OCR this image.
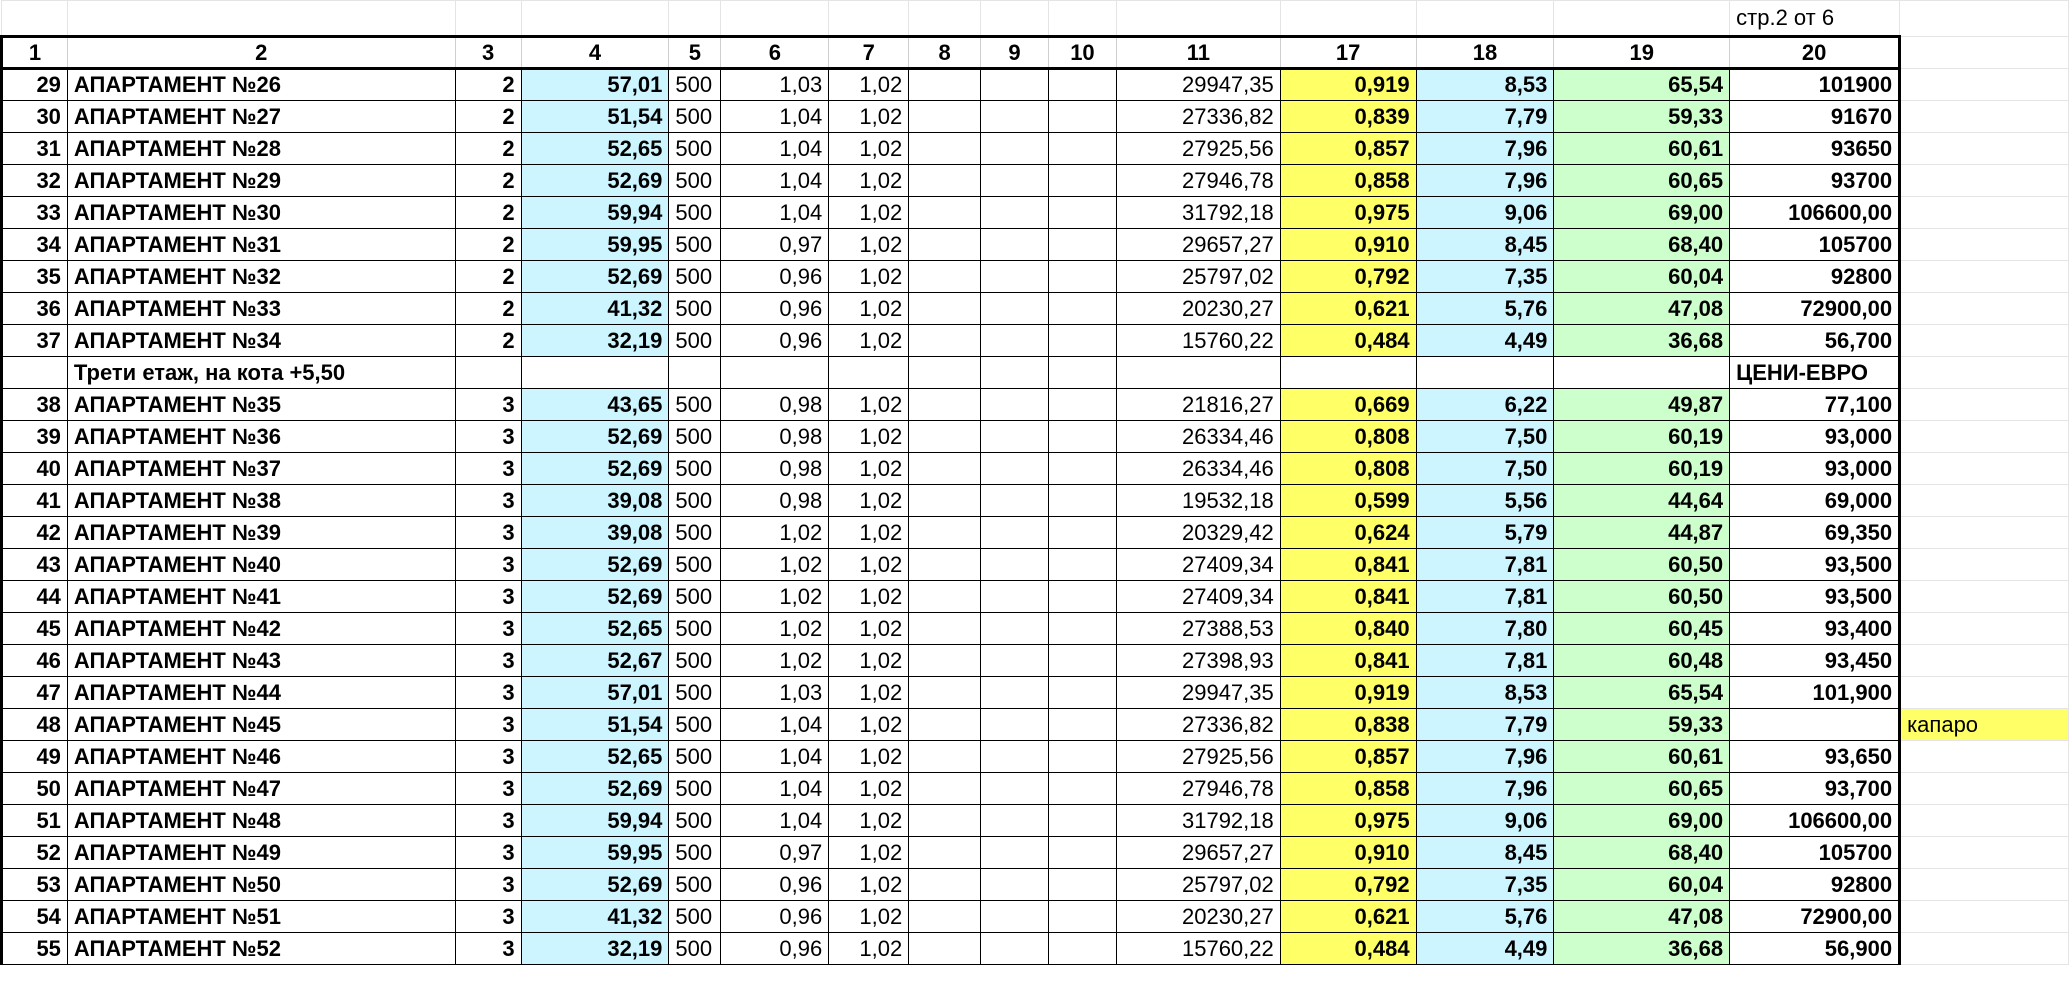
														стр.2 от 6	
1	2	3	4	5	6	7	8	9	10	11	17	18	19	20	
29	АПАРТАМЕНТ №26	2	57,01	500	1,03	1,02				29947,35	0,919	8,53	65,54	101900	
30	АПАРТАМЕНТ №27	2	51,54	500	1,04	1,02				27336,82	0,839	7,79	59,33	91670	
31	АПАРТАМЕНТ №28	2	52,65	500	1,04	1,02				27925,56	0,857	7,96	60,61	93650	
32	АПАРТАМЕНТ №29	2	52,69	500	1,04	1,02				27946,78	0,858	7,96	60,65	93700	
33	АПАРТАМЕНТ №30	2	59,94	500	1,04	1,02				31792,18	0,975	9,06	69,00	106600,00	
34	АПАРТАМЕНТ №31	2	59,95	500	0,97	1,02				29657,27	0,910	8,45	68,40	105700	
35	АПАРТАМЕНТ №32	2	52,69	500	0,96	1,02				25797,02	0,792	7,35	60,04	92800	
36	АПАРТАМЕНТ №33	2	41,32	500	0,96	1,02				20230,27	0,621	5,76	47,08	72900,00	
37	АПАРТАМЕНТ №34	2	32,19	500	0,96	1,02				15760,22	0,484	4,49	36,68	56,700	
	Трети етаж, на кота +5,50													ЦЕНИ-ЕВРО	
38	АПАРТАМЕНТ №35	3	43,65	500	0,98	1,02				21816,27	0,669	6,22	49,87	77,100	
39	АПАРТАМЕНТ №36	3	52,69	500	0,98	1,02				26334,46	0,808	7,50	60,19	93,000	
40	АПАРТАМЕНТ №37	3	52,69	500	0,98	1,02				26334,46	0,808	7,50	60,19	93,000	
41	АПАРТАМЕНТ №38	3	39,08	500	0,98	1,02				19532,18	0,599	5,56	44,64	69,000	
42	АПАРТАМЕНТ №39	3	39,08	500	1,02	1,02				20329,42	0,624	5,79	44,87	69,350	
43	АПАРТАМЕНТ №40	3	52,69	500	1,02	1,02				27409,34	0,841	7,81	60,50	93,500	
44	АПАРТАМЕНТ №41	3	52,69	500	1,02	1,02				27409,34	0,841	7,81	60,50	93,500	
45	АПАРТАМЕНТ №42	3	52,65	500	1,02	1,02				27388,53	0,840	7,80	60,45	93,400	
46	АПАРТАМЕНТ №43	3	52,67	500	1,02	1,02				27398,93	0,841	7,81	60,48	93,450	
47	АПАРТАМЕНТ №44	3	57,01	500	1,03	1,02				29947,35	0,919	8,53	65,54	101,900	
48	АПАРТАМЕНТ №45	3	51,54	500	1,04	1,02				27336,82	0,838	7,79	59,33		капаро
49	АПАРТАМЕНТ №46	3	52,65	500	1,04	1,02				27925,56	0,857	7,96	60,61	93,650	
50	АПАРТАМЕНТ №47	3	52,69	500	1,04	1,02				27946,78	0,858	7,96	60,65	93,700	
51	АПАРТАМЕНТ №48	3	59,94	500	1,04	1,02				31792,18	0,975	9,06	69,00	106600,00	
52	АПАРТАМЕНТ №49	3	59,95	500	0,97	1,02				29657,27	0,910	8,45	68,40	105700	
53	АПАРТАМЕНТ №50	3	52,69	500	0,96	1,02				25797,02	0,792	7,35	60,04	92800	
54	АПАРТАМЕНТ №51	3	41,32	500	0,96	1,02				20230,27	0,621	5,76	47,08	72900,00	
55	АПАРТАМЕНТ №52	3	32,19	500	0,96	1,02				15760,22	0,484	4,49	36,68	56,900	
